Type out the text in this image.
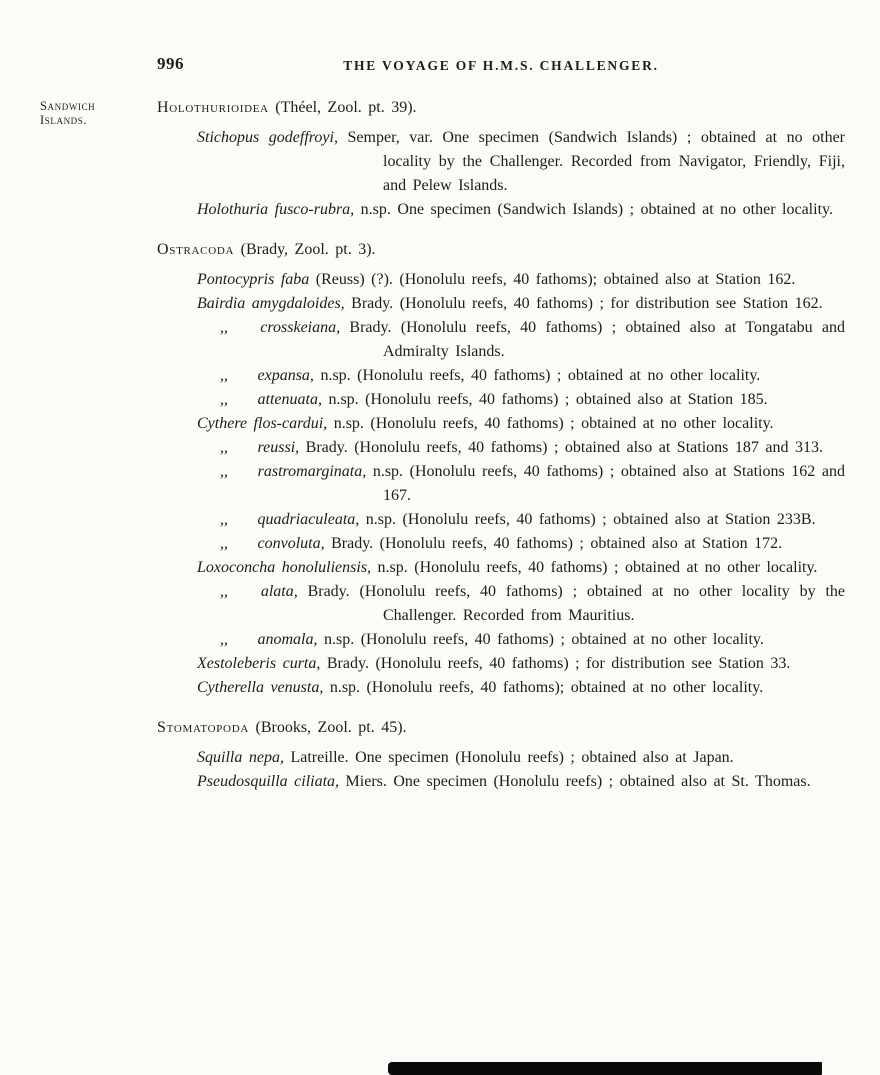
996	THE VOYAGE OF H.M.S. CHALLENGER.
Sandwich
Islands.
Holothurioidea (Théel, Zool. pt. 39).

Stichopus godeffroyi, Semper, var. One specimen (Sandwich Islands) ; obtained at no other locality by the Challenger. Recorded from Navigator, Friendly, Fiji, and Pelew Islands.

Holothuria fusco-rubra, n.sp. One specimen (Sandwich Islands) ; obtained at no other locality.

Ostracoda (Brady, Zool. pt. 3).

Pontocypris faba (Reuss) (?). (Honolulu reefs, 40 fathoms); obtained also at Station 162.

Bairdia amygdaloides, Brady. (Honolulu reefs, 40 fathoms) ; for distribution see Station 162.

,, crosskeiana, Brady. (Honolulu reefs, 40 fathoms) ; obtained also at Tongatabu and Admiralty Islands.

,, expansa, n.sp. (Honolulu reefs, 40 fathoms) ; obtained at no other locality.

,, attenuata, n.sp. (Honolulu reefs, 40 fathoms) ; obtained also at Station 185.

Cythere flos-cardui, n.sp. (Honolulu reefs, 40 fathoms) ; obtained at no other locality.

,, reussi, Brady. (Honolulu reefs, 40 fathoms) ; obtained also at Stations 187 and 313.

,, rastromarginata, n.sp. (Honolulu reefs, 40 fathoms) ; obtained also at Stations 162 and 167.

,, quadriaculeata, n.sp. (Honolulu reefs, 40 fathoms) ; obtained also at Station 233B.

,, convoluta, Brady. (Honolulu reefs, 40 fathoms) ; obtained also at Station 172.

Loxoconcha honoluliensis, n.sp. (Honolulu reefs, 40 fathoms) ; obtained at no other locality.

,, alata, Brady. (Honolulu reefs, 40 fathoms) ; obtained at no other locality by the Challenger. Recorded from Mauritius.

,, anomala, n.sp. (Honolulu reefs, 40 fathoms) ; obtained at no other locality.

Xestoleberis curta, Brady. (Honolulu reefs, 40 fathoms) ; for distribution see Station 33.

Cytherella venusta, n.sp. (Honolulu reefs, 40 fathoms); obtained at no other locality.

Stomatopoda (Brooks, Zool. pt. 45).

Squilla nepa, Latreille. One specimen (Honolulu reefs) ; obtained also at Japan.

Pseudosquilla ciliata, Miers. One specimen (Honolulu reefs) ; obtained also at St. Thomas.
